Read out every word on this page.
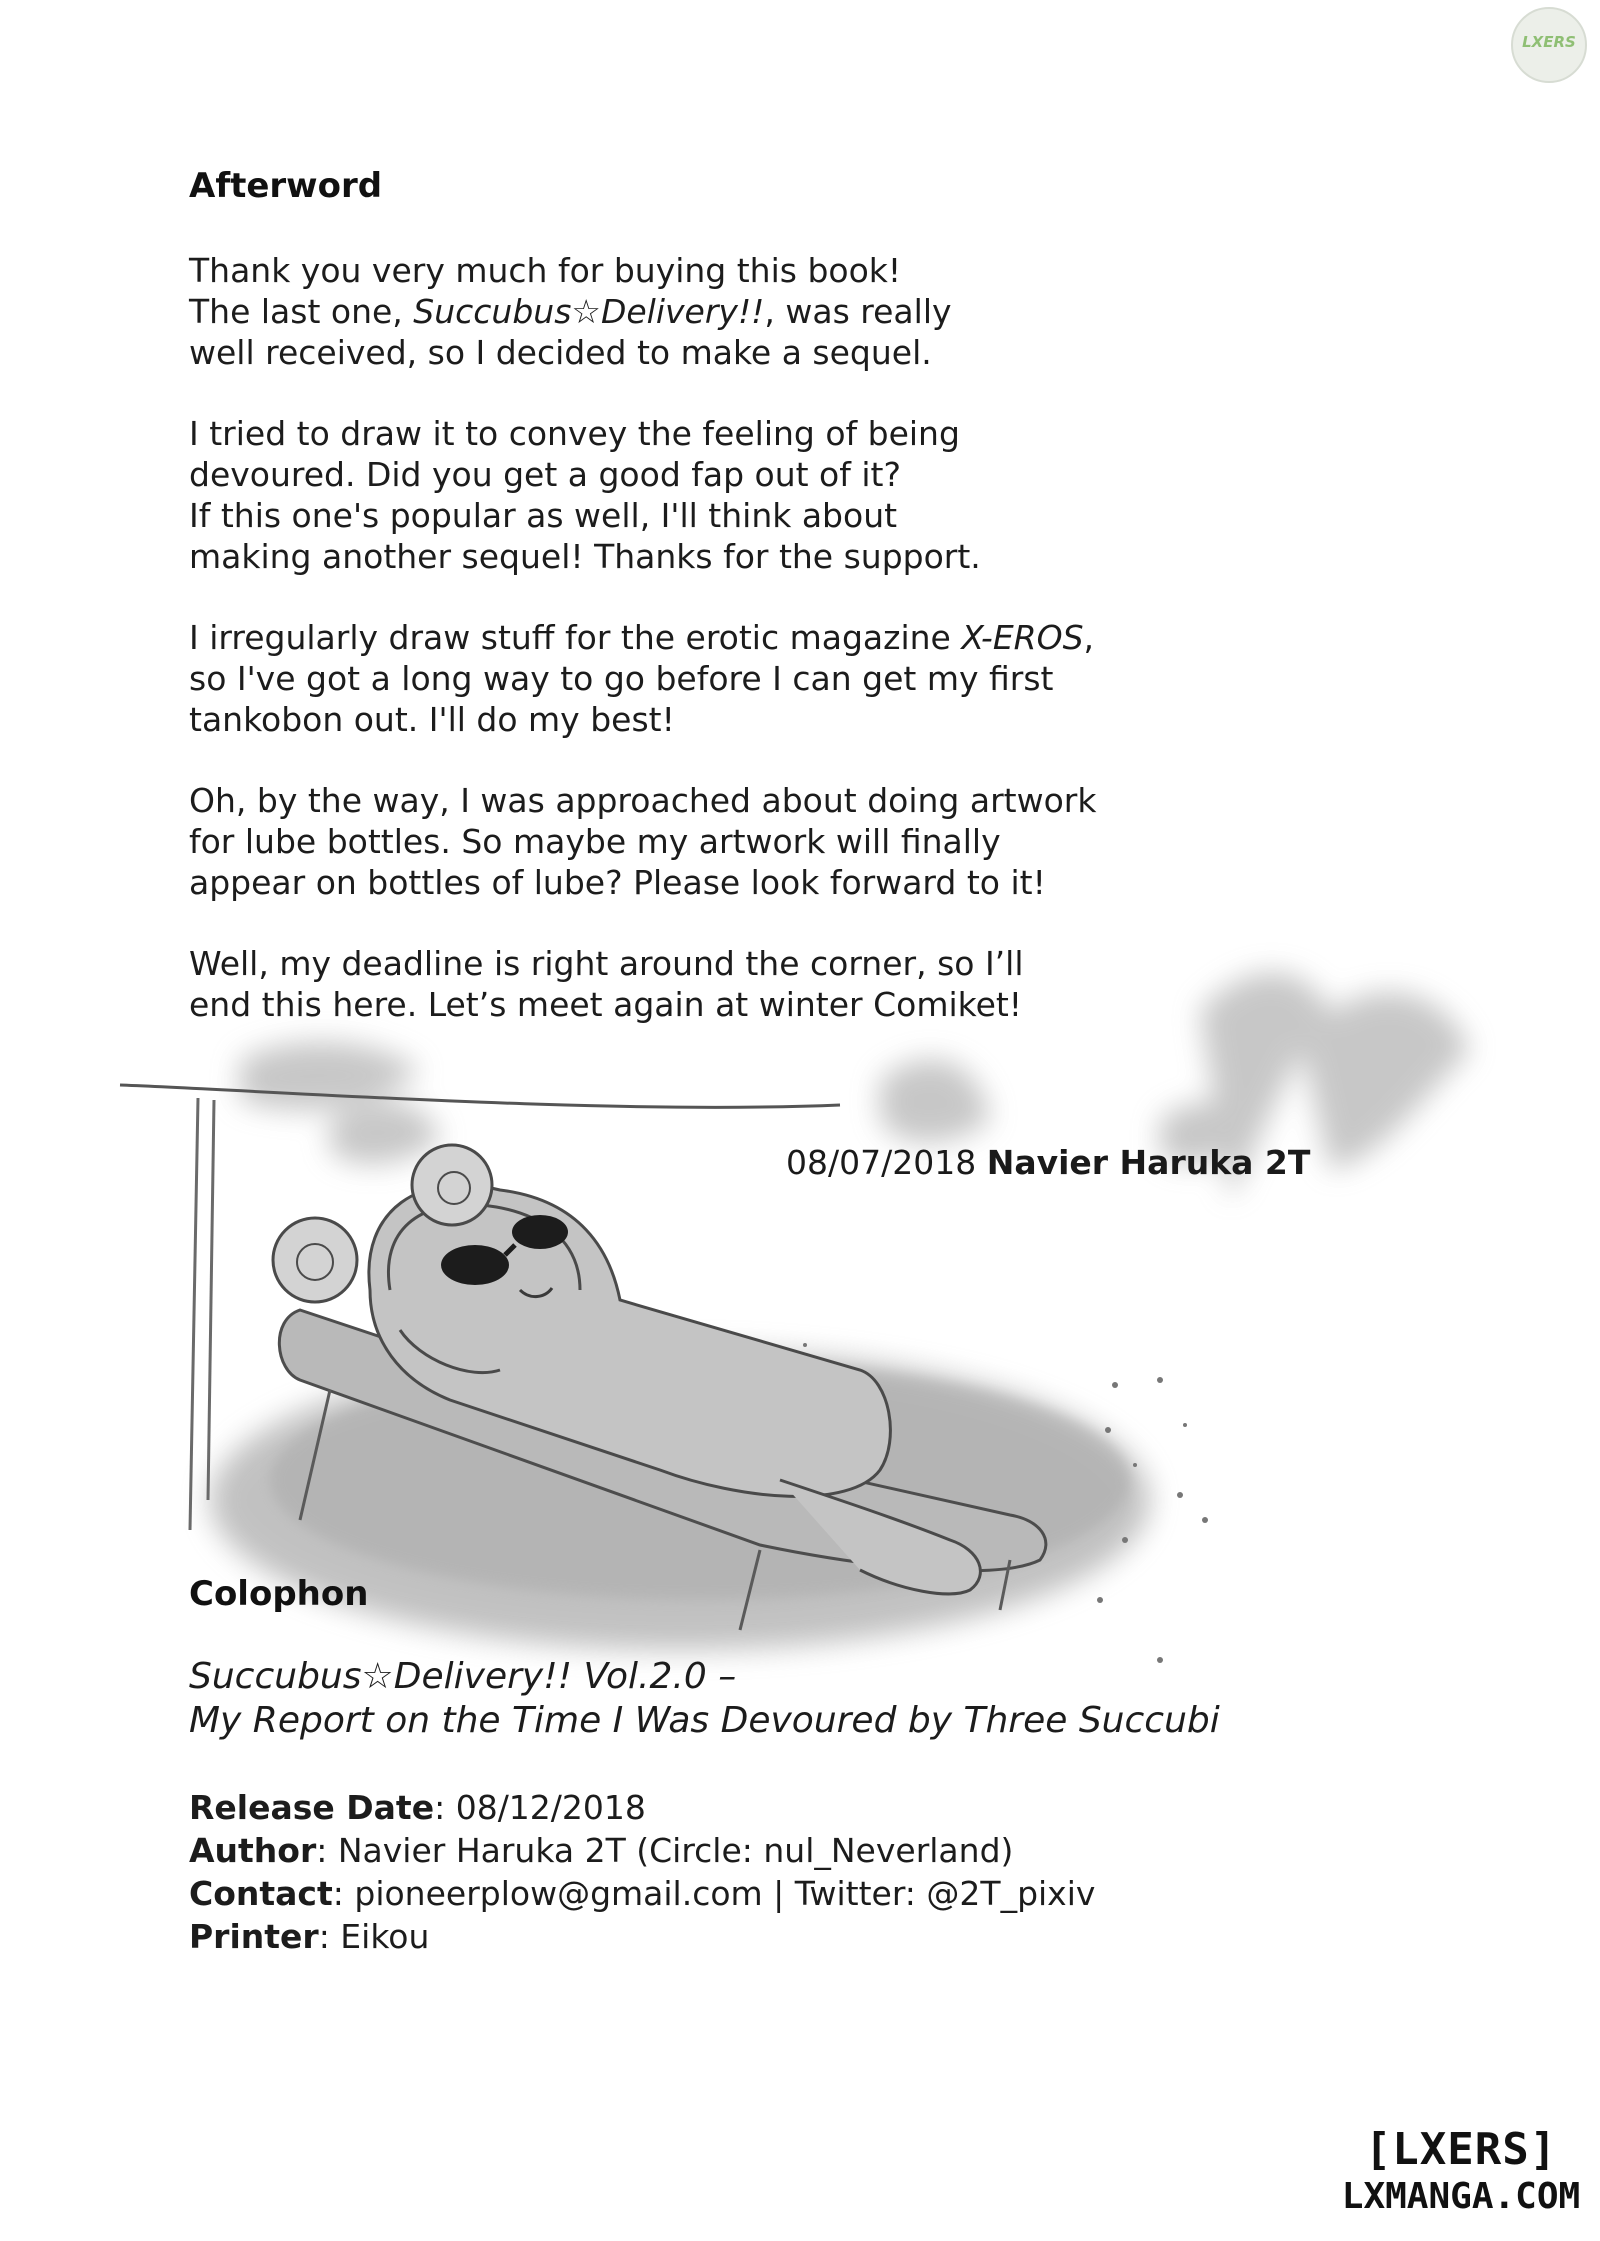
LXERS
Afterword

Thank you very much for buying this book!
The last one, Succubus☆Delivery!!, was really
well received, so I decided to make a sequel.

I tried to draw it to convey the feeling of being
devoured. Did you get a good fap out of it?
If this one's popular as well, I'll think about
making another sequel! Thanks for the support.

I irregularly draw stuff for the erotic magazine X-EROS,
so I've got a long way to go before I can get my first
tankobon out. I'll do my best!

Oh, by the way, I was approached about doing artwork
for lube bottles. So maybe my artwork will finally
appear on bottles of lube? Please look forward to it!

Well, my deadline is right around the corner, so I’ll
end this here. Let’s meet again at winter Comiket!

08/07/2018 Navier Haruka 2T

Colophon

Succubus☆Delivery!! Vol.2.0 –
My Report on the Time I Was Devoured by Three Succubi

Release Date: 08/12/2018
Author: Navier Haruka 2T (Circle: nul_Neverland)
Contact: pioneerplow@gmail.com | Twitter: @2T_pixiv
Printer: Eikou

[LXERS]
LXMANGA.COM
